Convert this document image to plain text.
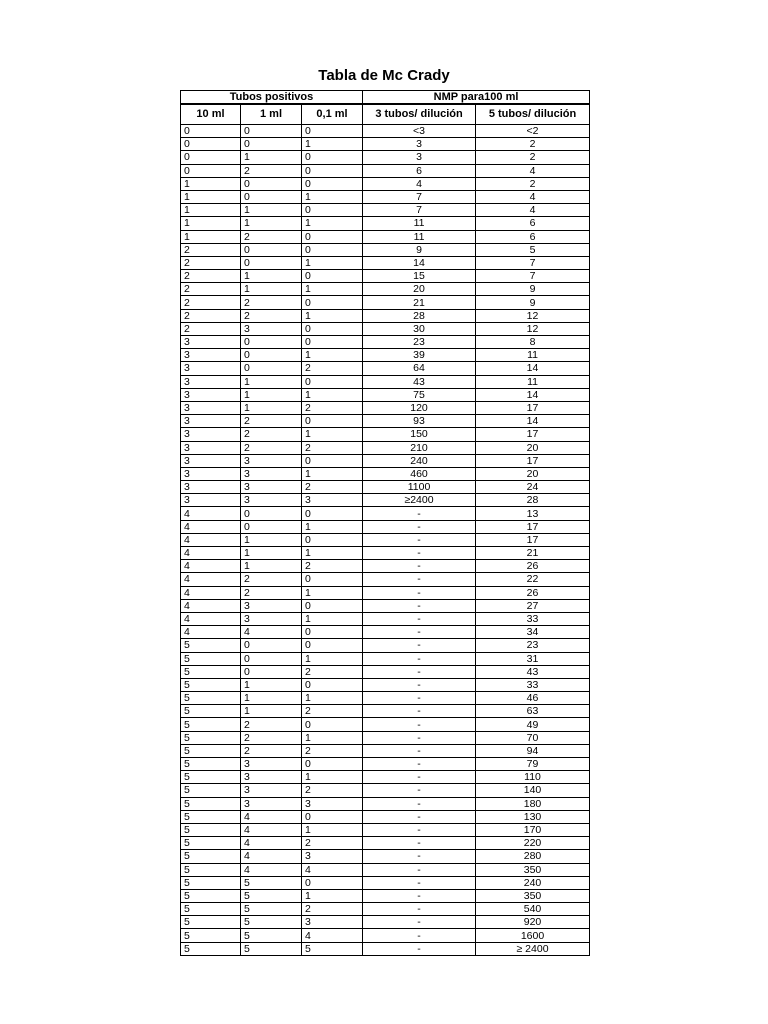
Tabla de Mc Crady
Tubos positivos			NMP para100 ml	
10 ml	1 ml	0,1 ml	3 tubos/ dilución	5 tubos/ dilución
0	0	0	<3	<2
0	0	1	3	2
0	1	0	3	2
0	2	0	6	4
1	0	0	4	2
1	0	1	7	4
1	1	0	7	4
1	1	1	11	6
1	2	0	11	6
2	0	0	9	5
2	0	1	14	7
2	1	0	15	7
2	1	1	20	9
2	2	0	21	9
2	2	1	28	12
2	3	0	30	12
3	0	0	23	8
3	0	1	39	11
3	0	2	64	14
3	1	0	43	11
3	1	1	75	14
3	1	2	120	17
3	2	0	93	14
3	2	1	150	17
3	2	2	210	20
3	3	0	240	17
3	3	1	460	20
3	3	2	1100	24
3	3	3	≥2400	28
4	0	0	-	13
4	0	1	-	17
4	1	0	-	17
4	1	1	-	21
4	1	2	-	26
4	2	0	-	22
4	2	1	-	26
4	3	0	-	27
4	3	1	-	33
4	4	0	-	34
5	0	0	-	23
5	0	1	-	31
5	0	2	-	43
5	1	0	-	33
5	1	1	-	46
5	1	2	-	63
5	2	0	-	49
5	2	1	-	70
5	2	2	-	94
5	3	0	-	79
5	3	1	-	110
5	3	2	-	140
5	3	3	-	180
5	4	0	-	130
5	4	1	-	170
5	4	2	-	220
5	4	3	-	280
5	4	4	-	350
5	5	0	-	240
5	5	1	-	350
5	5	2	-	540
5	5	3	-	920
5	5	4	-	1600
5	5	5	-	≥ 2400
